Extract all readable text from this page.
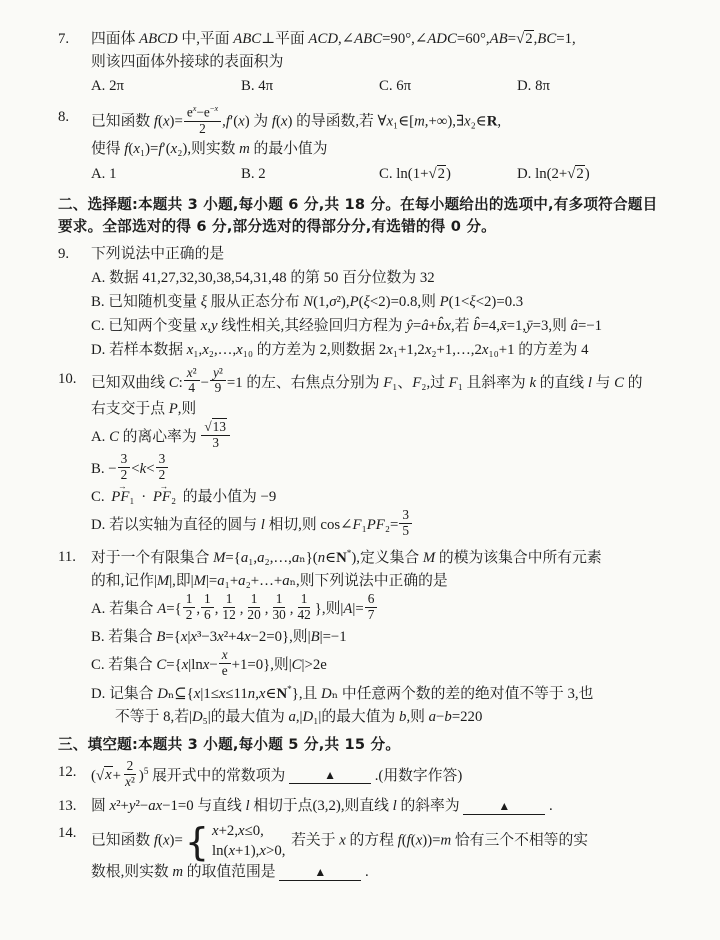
7.	四面体 ABCD 中,平面 ABC⊥平面 ACD,∠ABC=90°,∠ADC=60°,AB=√2,BC=1,
则该四面体外接球的表面积为
A. 2π	B. 4π	C. 6π	D. 8π
8.	已知函数 $f(x)= \frac{e^x-e^{-x}}{2} ,f'(x)$ 为 f(x) 的导函数,若 ∀x₁∈[m,+∞),∃x₂∈R,
使得 f(x₁)=f′(x₂),则实数 m 的最小值为
A. 1	B. 2	C. ln(1+√2)	D. ln(2+√2)
二、选择题:本题共 3 小题,每小题 6 分,共 18 分。在每小题给出的选项中,有多项符合题目
要求。全部选对的得 6 分,部分选对的得部分分,有选错的得 0 分。
9.	下列说法中正确的是
A. 数据 41,27,32,30,38,54,31,48 的第 50 百分位数为 32
B. 已知随机变量 ξ 服从正态分布 N(1,σ²),P(ξ<2)=0.8,则 P(1<ξ<2)=0.3
C. 已知两个变量 x,y 线性相关,其经验回归方程为 ŷ=â+b̂x,若 b̂=4,x̄=1,ȳ=3,则 â=−1
D. 若样本数据 x₁,x₂,…,x₁₀ 的方差为 2,则数据 2x₁+1,2x₂+1,…,2x₁₀+1 的方差为 4
10. 已知双曲线 C: $\frac{\text{x²}}{4} - \frac{\text{y²}}{9} =1$ 的左、右焦点分别为 F₁、F₂,过 F₁ 且斜率为 k 的直线 l 与 C 的
右支交于点 P,则
A. C 的离心率为 $\frac{√13}{3}$
B. − $\frac{3}{2} <k< \frac{3}{2}$
C. PF₁ → · PF₂ → 的最小值为 −9
D. 若以实轴为直径的圆与 l 相切,则 cos∠F₁PF₂= $\frac{3}{5}$
11.	对于一个有限集合 M={a₁,a₂,…,aₙ}(n∈N*),定义集合 M 的模为该集合中所有元素
的和,记作|M|,即|M|=a₁+a₂+…+aₙ,则下列说法中正确的是
A. 若集合 $A=\{ \frac{1}{2}$ , $\frac{1}{6}$ , $\frac{1}{12}$ , $\frac{1}{20}$ , $\frac{1}{30}$ , $\frac{1}{42}$ },则$|A|= \frac{6}{7}$
B. 若集合 B={x|x³−3x²+4x−2=0},则|B|=−1
C. 若集合 $C=\{x|\ln x- \frac{x}{e} +1=0\}$,则|C|>2e
D. 记集合 Dₙ⊆{x|1≤x≤11n,x∈N*},且 Dₙ 中任意两个数的差的绝对值不等于 3,也
不等于 8,若|D₅|的最大值为 a,|D₁|的最大值为 b,则 a−b=220
三、填空题:本题共 3 小题,每小题 5 分,共 15 分。
12. $(√x+ \frac{2}{\text{x²}} )^5$ 展开式中的常数项为	▲ .(用数字作答)
13. 圆 x²+y²−ax−1=0 与直线 l 相切于点(3,2),则直线 l 的斜率为	▲ .
14. 已知函数 f(x)= { x+2,x≤0,
ln(x+1),x>0,
若关于 x 的方程 f(f(x))=m 恰有三个不相等的实
数根,则实数 m 的取值范围是	▲ .
